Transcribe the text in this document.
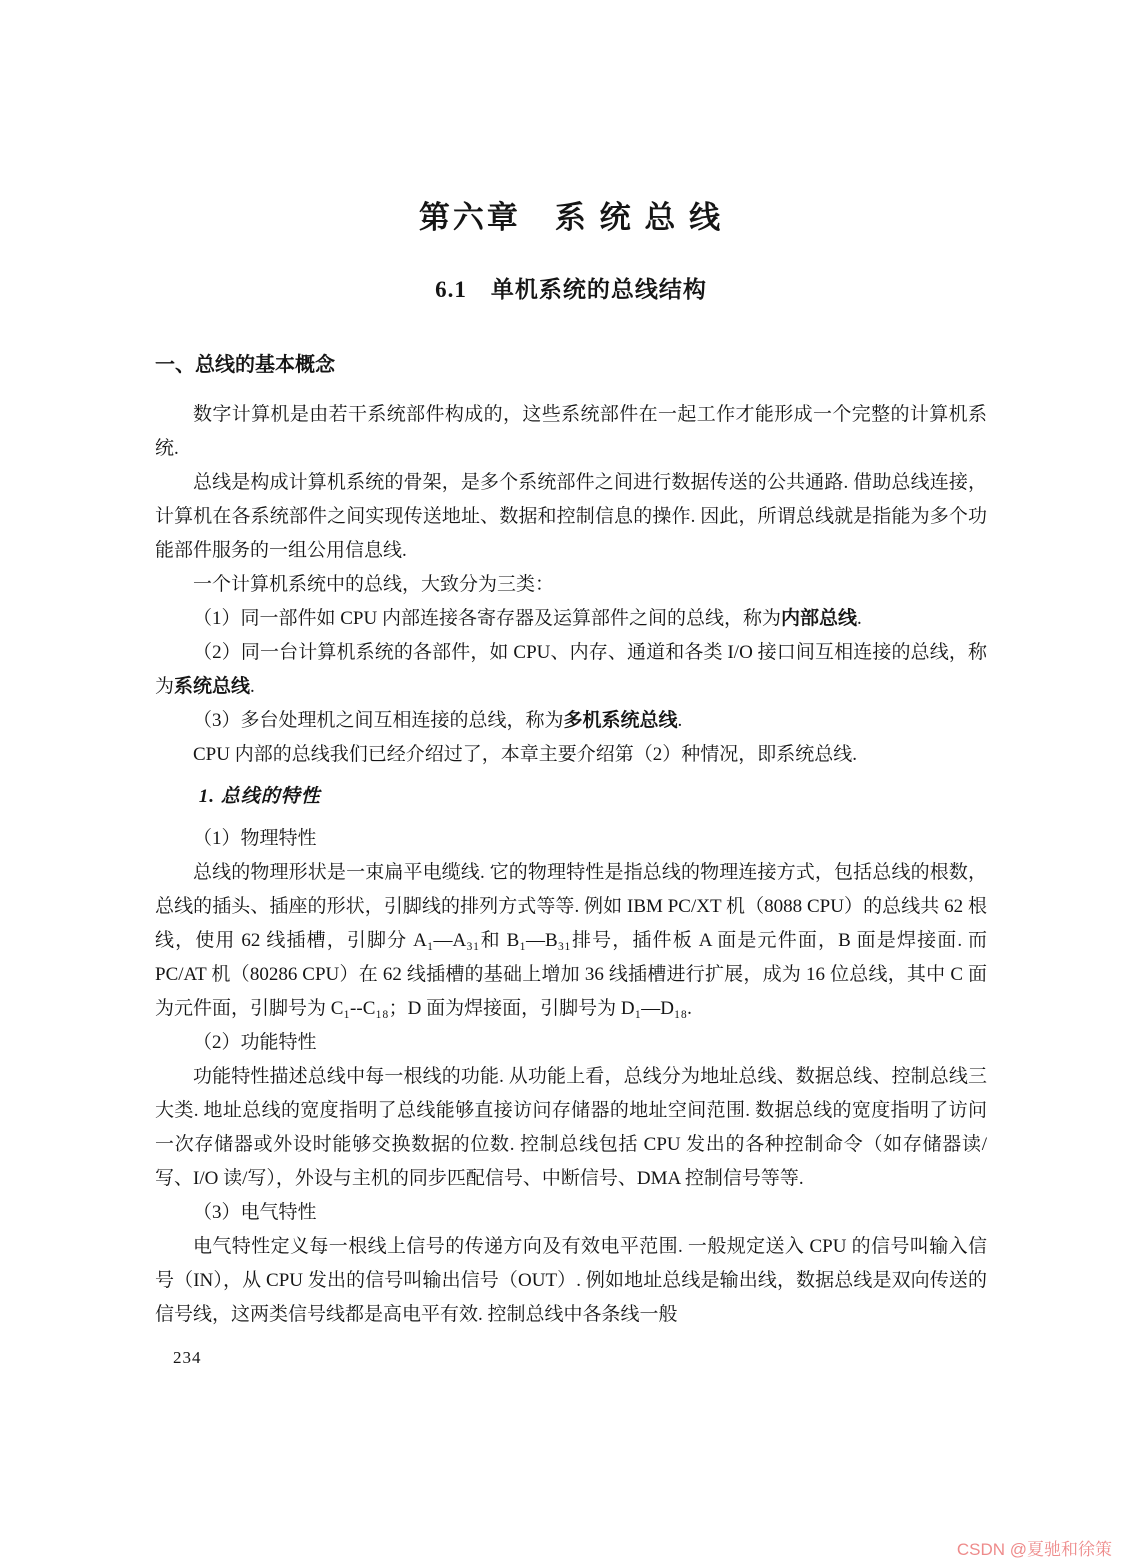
第六章　系 统 总 线
6.1　单机系统的总线结构
一、总线的基本概念

数字计算机是由若干系统部件构成的，这些系统部件在一起工作才能形成一个完整的计算机系统.

总线是构成计算机系统的骨架，是多个系统部件之间进行数据传送的公共通路. 借助总线连接，计算机在各系统部件之间实现传送地址、数据和控制信息的操作. 因此，所谓总线就是指能为多个功能部件服务的一组公用信息线.

一个计算机系统中的总线，大致分为三类：

（1）同一部件如 CPU 内部连接各寄存器及运算部件之间的总线，称为内部总线.

（2）同一台计算机系统的各部件，如 CPU、内存、通道和各类 I/O 接口间互相连接的总线，称为系统总线.

（3）多台处理机之间互相连接的总线，称为多机系统总线.

CPU 内部的总线我们已经介绍过了，本章主要介绍第（2）种情况，即系统总线.

1. 总线的特性

（1）物理特性

总线的物理形状是一束扁平电缆线. 它的物理特性是指总线的物理连接方式，包括总线的根数，总线的插头、插座的形状，引脚线的排列方式等等. 例如 IBM PC/XT 机（8088 CPU）的总线共 62 根线，使用 62 线插槽，引脚分 A₁—A₃₁和 B₁—B₃₁排号，插件板 A 面是元件面，B 面是焊接面. 而 PC/AT 机（80286 CPU）在 62 线插槽的基础上增加 36 线插槽进行扩展，成为 16 位总线，其中 C 面为元件面，引脚号为 C₁--C₁₈；D 面为焊接面，引脚号为 D₁—D₁₈.

（2）功能特性

功能特性描述总线中每一根线的功能. 从功能上看，总线分为地址总线、数据总线、控制总线三大类. 地址总线的宽度指明了总线能够直接访问存储器的地址空间范围. 数据总线的宽度指明了访问一次存储器或外设时能够交换数据的位数. 控制总线包括 CPU 发出的各种控制命令（如存储器读/写、I/O 读/写），外设与主机的同步匹配信号、中断信号、DMA 控制信号等等.

（3）电气特性

电气特性定义每一根线上信号的传递方向及有效电平范围. 一般规定送入 CPU 的信号叫输入信号（IN），从 CPU 发出的信号叫输出信号（OUT）. 例如地址总线是输出线，数据总线是双向传送的信号线，这两类信号线都是高电平有效. 控制总线中各条线一般

234
CSDN @夏驰和徐策
